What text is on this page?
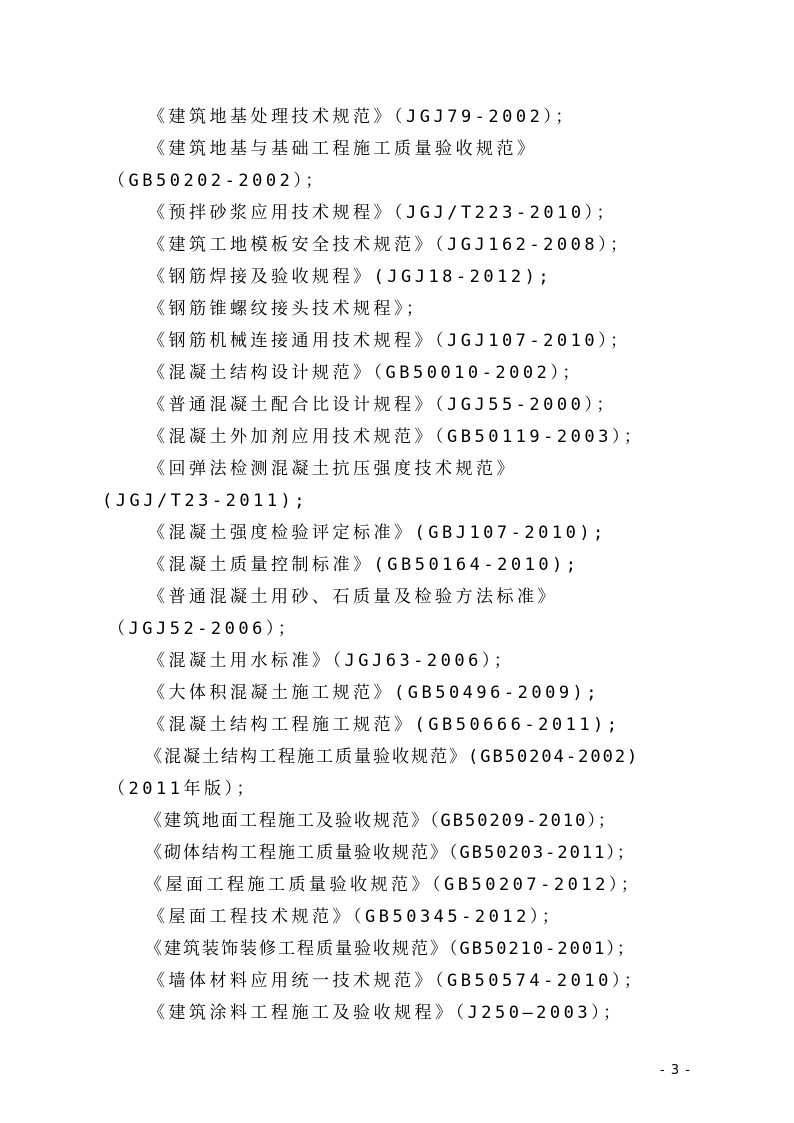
《建筑地基处理技术规范》（JGJ79-2002）；
《建筑地基与基础工程施工质量验收规范》
（GB50202-2002）；
《预拌砂浆应用技术规程》（JGJ/T223-2010）；
《建筑工地模板安全技术规范》（JGJ162-2008）；
《钢筋焊接及验收规程》(JGJ18-2012);
《钢筋锥螺纹接头技术规程》；
《钢筋机械连接通用技术规程》（JGJ107-2010）；
《混凝土结构设计规范》（GB50010-2002）；
《普通混凝土配合比设计规程》（JGJ55-2000）；
《混凝土外加剂应用技术规范》（GB50119-2003）；
《回弹法检测混凝土抗压强度技术规范》
(JGJ/T23-2011);
《混凝土强度检验评定标准》(GBJ107-2010);
《混凝土质量控制标准》(GB50164-2010);
《普通混凝土用砂、石质量及检验方法标准》
（JGJ52-2006）；
《混凝土用水标准》（JGJ63-2006）；
《大体积混凝土施工规范》(GB50496-2009);
《混凝土结构工程施工规范》(GB50666-2011);
《混凝土结构工程施工质量验收规范》(GB50204-2002)
（2011年版）；
《建筑地面工程施工及验收规范》（GB50209-2010）；
《砌体结构工程施工质量验收规范》（GB50203-2011）；
《屋面工程施工质量验收规范》（GB50207-2012）；
《屋面工程技术规范》（GB50345-2012）；
《建筑装饰装修工程质量验收规范》（GB50210-2001）；
《墙体材料应用统一技术规范》（GB50574-2010）；
《建筑涂料工程施工及验收规程》（J250—2003）；
- 3 -
